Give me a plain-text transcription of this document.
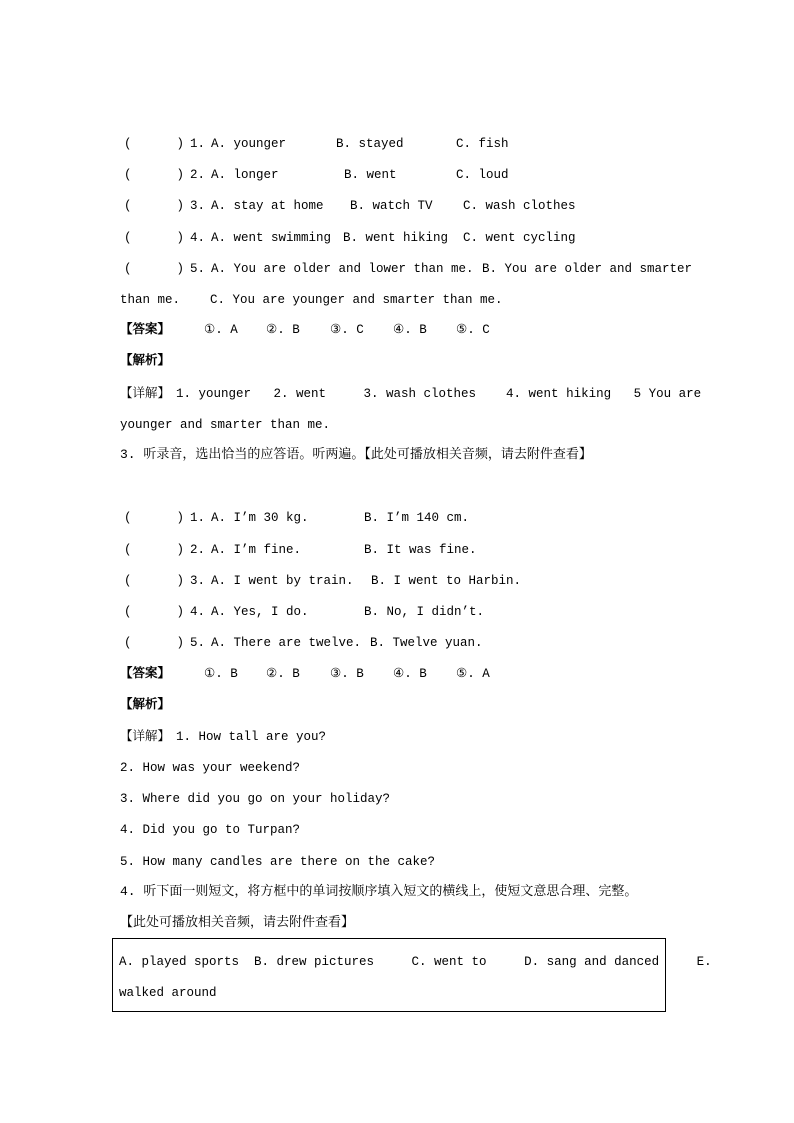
(      ) 1. A. younger	B. stayed	C. fish
(      ) 2. A. longer	B. went	C. loud
(      ) 3. A. stay at home B. watch TV C. wash clothes
(      ) 4. A. went swimming B. went hiking C. went cycling
(      ) 5. A. You are older and lower than me. B. You are older and smarter
than me. C. You are younger and smarter than me.
【答案】	①. A ②. B ③. C ④. B ⑤. C
【解析】
【详解】 1. younger   2. went     3. wash clothes    4. went hiking   5 You are
younger and smarter than me.
3. 听录音，选出恰当的应答语。听两遍。【此处可播放相关音频，请去附件查看】
(      ) 1. A. I’m 30 kg.	B. I’m 140 cm.
(      ) 2. A. I’m fine.	B. It was fine.
(      ) 3. A. I went by train. B. I went to Harbin.
(      ) 4. A. Yes, I do.	B. No, I didn’t.
(      ) 5. A. There are twelve. B. Twelve yuan.
【答案】	①. B ②. B ③. B ④. B ⑤. A
【解析】
【详解】 1. How tall are you?
2. How was your weekend?
3. Where did you go on your holiday?
4. Did you go to Turpan?
5. How many candles are there on the cake?
4. 听下面一则短文，将方框中的单词按顺序填入短文的横线上，使短文意思合理、完整。
【此处可播放相关音频，请去附件查看】
A. played sports  B. drew pictures     C. went to     D. sang and danced     E.
walked around
